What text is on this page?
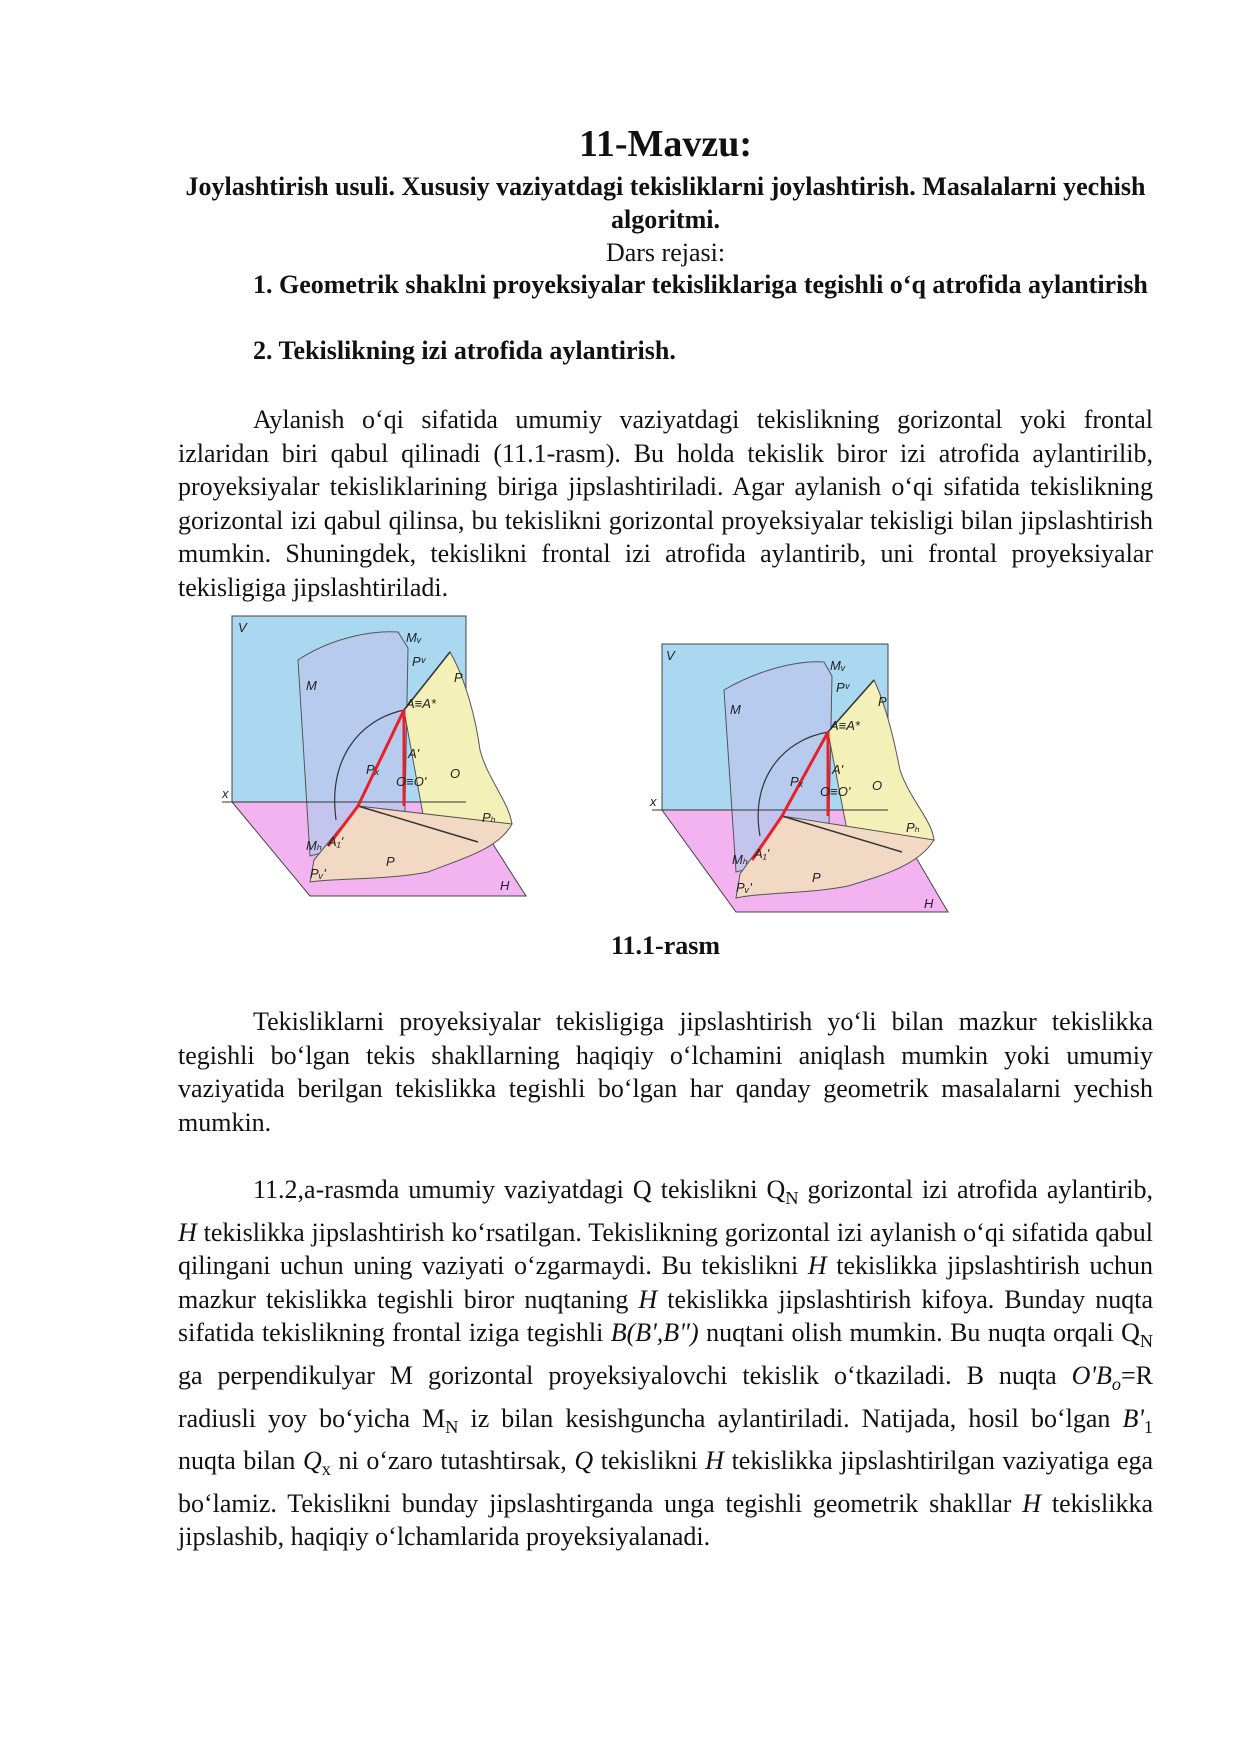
11-Mavzu:
Joylashtirish usuli. Xususiy vaziyatdagi tekisliklarni joylashtirish. Masalalarni yechish algoritmi.
Dars rejasi:
1. Geometrik shaklni proyeksiyalar tekisliklariga tegishli o‘q atrofida aylantirish
2. Tekislikning izi atrofida aylantirish.
Aylanish o‘qi sifatida umumiy vaziyatdagi tekislikning gorizontal yoki frontal izlaridan biri qabul qilinadi (11.1-rasm). Bu holda tekislik biror izi atrofida aylantirilib, proyeksiyalar tekisliklarining biriga jipslashtiriladi. Agar aylanish o‘qi sifatida tekislikning gorizontal izi qabul qilinsa, bu tekislikni gorizontal proyeksiyalar tekisligi bilan jipslashtirish mumkin. Shuningdek, tekislikni frontal izi atrofida aylantirib, uni frontal proyeksiyalar tekisligiga jipslashtiriladi.
11.1-rasm
Tekisliklarni proyeksiyalar tekisligiga jipslashtirish yo‘li bilan mazkur tekislikka tegishli bo‘lgan tekis shakllarning haqiqiy o‘lchamini aniqlash mumkin yoki umumiy vaziyatida berilgan tekislikka tegishli bo‘lgan har qanday geometrik masalalarni yechish mumkin.
11.2,a-rasmda umumiy vaziyatdagi Q tekislikni $Q_N$ gorizontal izi atrofida aylantirib, H tekislikka jipslashtirish ko‘rsatilgan. Tekislikning gorizontal izi aylanish o‘qi sifatida qabul qilingani uchun uning vaziyati o‘zgarmaydi. Bu tekislikni H tekislikka jipslashtirish uchun mazkur tekislikka tegishli biror nuqtaning H tekislikka jipslashtirish kifoya. Bunday nuqta sifatida tekislikning frontal iziga tegishli B(B',B") nuqtani olish mumkin. Bu nuqta orqali $Q_N$ ga perpendikulyar M gorizontal proyeksiyalovchi tekislik o‘tkaziladi. B nuqta $O'B_o=R$ radiusli yoy bo‘yicha $M_N$ iz bilan kesishguncha aylantiriladi. Natijada, hosil bo‘lgan $B'_1$ nuqta bilan $Q_x$ ni o‘zaro tutashtirsak, Q tekislikni H tekislikka jipslashtirilgan vaziyatiga ega bo‘lamiz. Tekislikni bunday jipslashtirganda unga tegishli geometrik shakllar H tekislikka jipslashib, haqiqiy o‘lchamlarida proyeksiyalanadi.
V
M
Mᵥ
Pᵛ
P
A≡A*
A'
O
O≡O'
Pₓ
Pₕ
Mₕ A₁'
Pᵥ'
P
x
H
V
M
Mᵥ
Pᵛ
P
A≡A*
A'
O
O≡O'
Pₓ
Pₕ
Mₕ A₁'
Pᵥ'
P
x
H
